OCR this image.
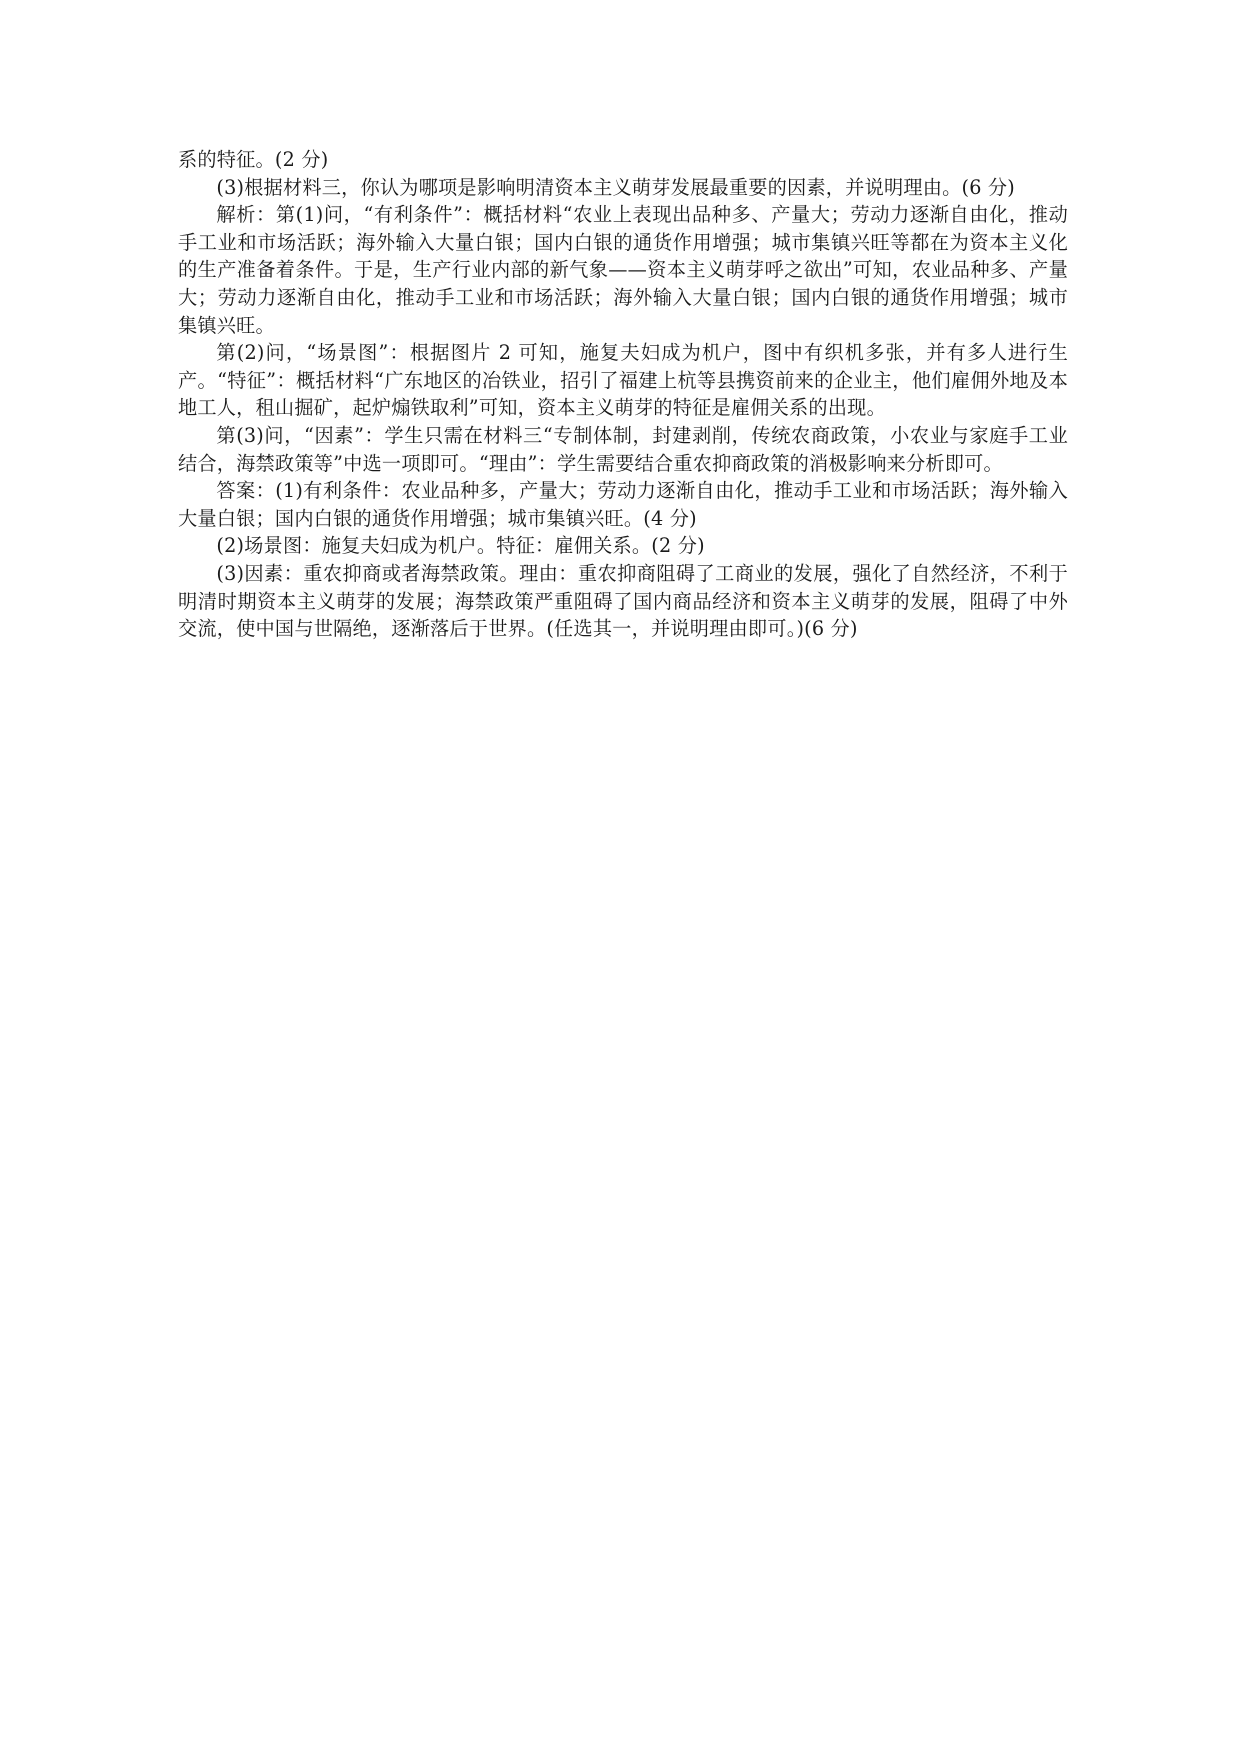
系的特征。(2 分)

(3)根据材料三，你认为哪项是影响明清资本主义萌芽发展最重要的因素，并说明理由。(6 分)

解析：第(1)问，“有利条件”：概括材料“农业上表现出品种多、产量大；劳动力逐渐自由化，推动手工业和市场活跃；海外输入大量白银；国内白银的通货作用增强；城市集镇兴旺等都在为资本主义化的生产准备着条件。于是，生产行业内部的新气象——资本主义萌芽呼之欲出”可知，农业品种多、产量大；劳动力逐渐自由化，推动手工业和市场活跃；海外输入大量白银；国内白银的通货作用增强；城市集镇兴旺。

第(2)问，“场景图”：根据图片 2 可知，施复夫妇成为机户，图中有织机多张，并有多人进行生产。“特征”：概括材料“广东地区的冶铁业，招引了福建上杭等县携资前来的企业主，他们雇佣外地及本地工人，租山掘矿，起炉煽铁取利”可知，资本主义萌芽的特征是雇佣关系的出现。

第(3)问，“因素”：学生只需在材料三“专制体制，封建剥削，传统农商政策，小农业与家庭手工业结合，海禁政策等”中选一项即可。“理由”：学生需要结合重农抑商政策的消极影响来分析即可。

答案：(1)有利条件：农业品种多，产量大；劳动力逐渐自由化，推动手工业和市场活跃；海外输入大量白银；国内白银的通货作用增强；城市集镇兴旺。(4 分)

(2)场景图：施复夫妇成为机户。特征：雇佣关系。(2 分)

(3)因素：重农抑商或者海禁政策。理由：重农抑商阻碍了工商业的发展，强化了自然经济，不利于明清时期资本主义萌芽的发展；海禁政策严重阻碍了国内商品经济和资本主义萌芽的发展，阻碍了中外交流，使中国与世隔绝，逐渐落后于世界。(任选其一，并说明理由即可。)(6 分)
